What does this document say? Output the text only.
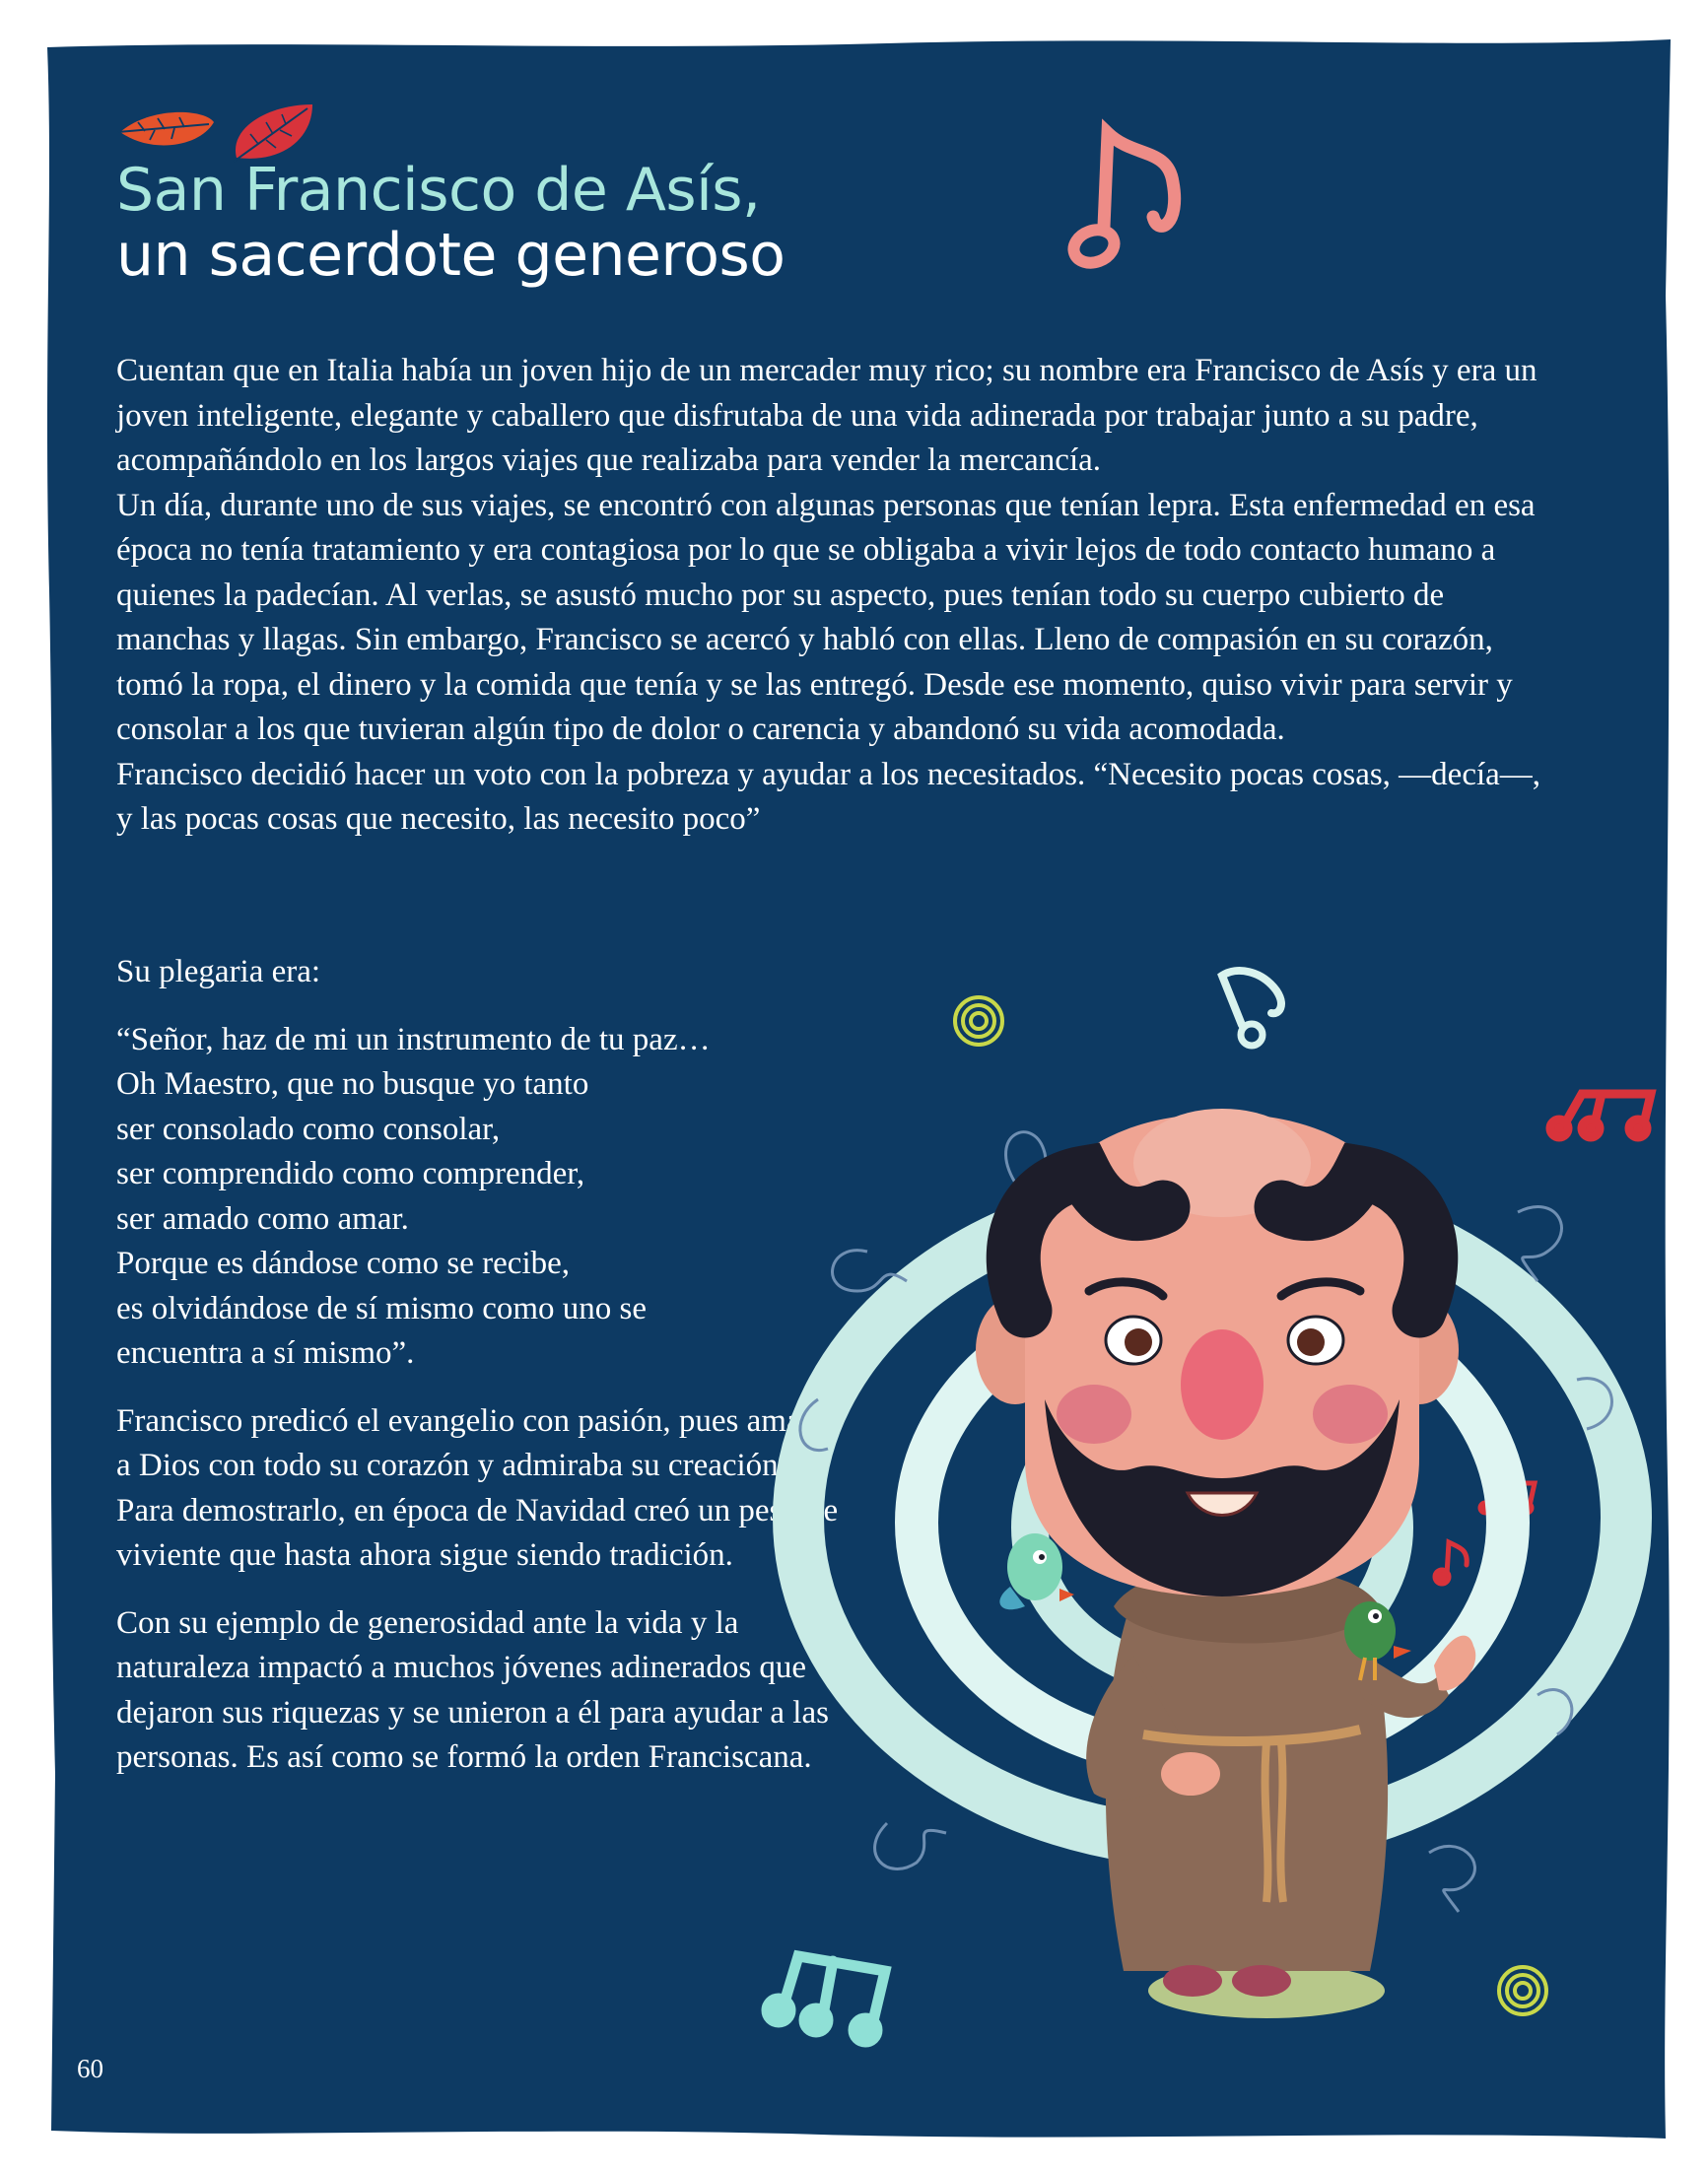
San Francisco de Asís,
un sacerdote generoso

Cuentan que en Italia había un joven hijo de un mercader muy rico; su nombre era Francisco de Asís y era un joven inteligente, elegante y caballero que disfrutaba de una vida adinerada por trabajar junto a su padre, acompañándolo en los largos viajes que realizaba para vender la mercancía.

Un día, durante uno de sus viajes, se encontró con algunas personas que tenían lepra. Esta enfermedad en esa época no tenía tratamiento y era contagiosa por lo que se obligaba a vivir lejos de todo contacto humano a quienes la padecían. Al verlas, se asustó mucho por su aspecto, pues tenían todo su cuerpo cubierto de manchas y llagas. Sin embargo, Francisco se acercó y habló con ellas. Lleno de compasión en su corazón, tomó la ropa, el dinero y la comida que tenía y se las entregó. Desde ese momento, quiso vivir para servir y consolar a los que tuvieran algún tipo de dolor o carencia y abandonó su vida acomodada.

Francisco decidió hacer un voto con la pobreza y ayudar a los necesitados. “Necesito pocas cosas, —decía—, y las pocas cosas que necesito, las necesito poco”

Su plegaria era:

“Señor, haz de mi un instrumento de tu paz…
Oh Maestro, que no busque yo tanto
ser consolado como consolar,
ser comprendido como comprender,
ser amado como amar.
Porque es dándose como se recibe,
es olvidándose de sí mismo como uno se
encuentra a sí mismo”.

Francisco predicó el evangelio con pasión, pues amaba a Dios con todo su corazón y admiraba su creación. Para demostrarlo, en época de Navidad creó un pesebre viviente que hasta ahora sigue siendo tradición.

Con su ejemplo de generosidad ante la vida y la naturaleza impactó a muchos jóvenes adinerados que dejaron sus riquezas y se unieron a él para ayudar a las personas. Es así como se formó la orden Franciscana.

60
